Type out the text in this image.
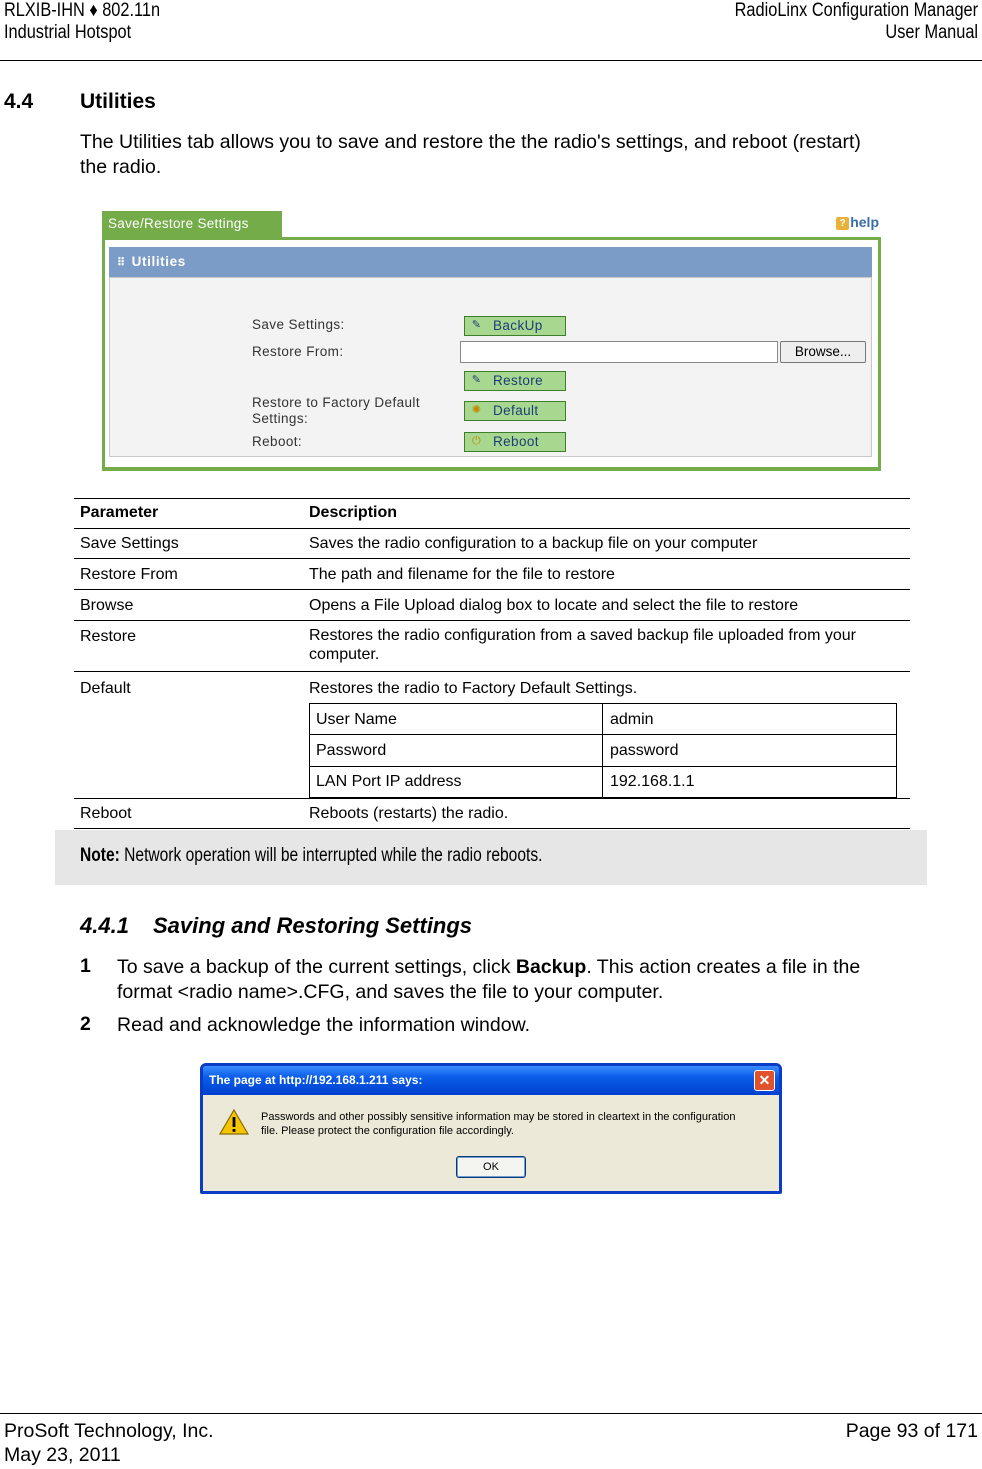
RLXIB-IHN ♦ 802.11n
Industrial Hotspot
RadioLinx Configuration Manager
User Manual
4.4 Utilities
The Utilities tab allows you to save and restore the the radio's settings, and reboot (restart) the radio.
Save/Restore Settings	? help
⠿ Utilities
Save Settings:	✎ BackUp
Restore From:	Browse...
✎ Restore
Restore to Factory Default Settings:
✺ Default
Reboot:	⏻ Reboot
Parameter	Description
Save Settings	Saves the radio configuration to a backup file on your computer
Restore From	The path and filename for the file to restore
Browse	Opens a File Upload dialog box to locate and select the file to restore
Restore	Restores the radio configuration from a saved backup file uploaded from your computer.
Default	Restores the radio to Factory Default Settings.
User Name	admin
Password	password
LAN Port IP address	192.168.1.1
Reboot	Reboots (restarts) the radio.
Note: Network operation will be interrupted while the radio reboots.
4.4.1 Saving and Restoring Settings
1 To save a backup of the current settings, click Backup. This action creates a file in the format <radio name>.CFG, and saves the file to your computer.
2 Read and acknowledge the information window.
The page at http://192.168.1.211 says:	✕
Passwords and other possibly sensitive information may be stored in cleartext in the configuration
file. Please protect the configuration file accordingly.
OK
ProSoft Technology, Inc.
May 23, 2011
Page 93 of 171
